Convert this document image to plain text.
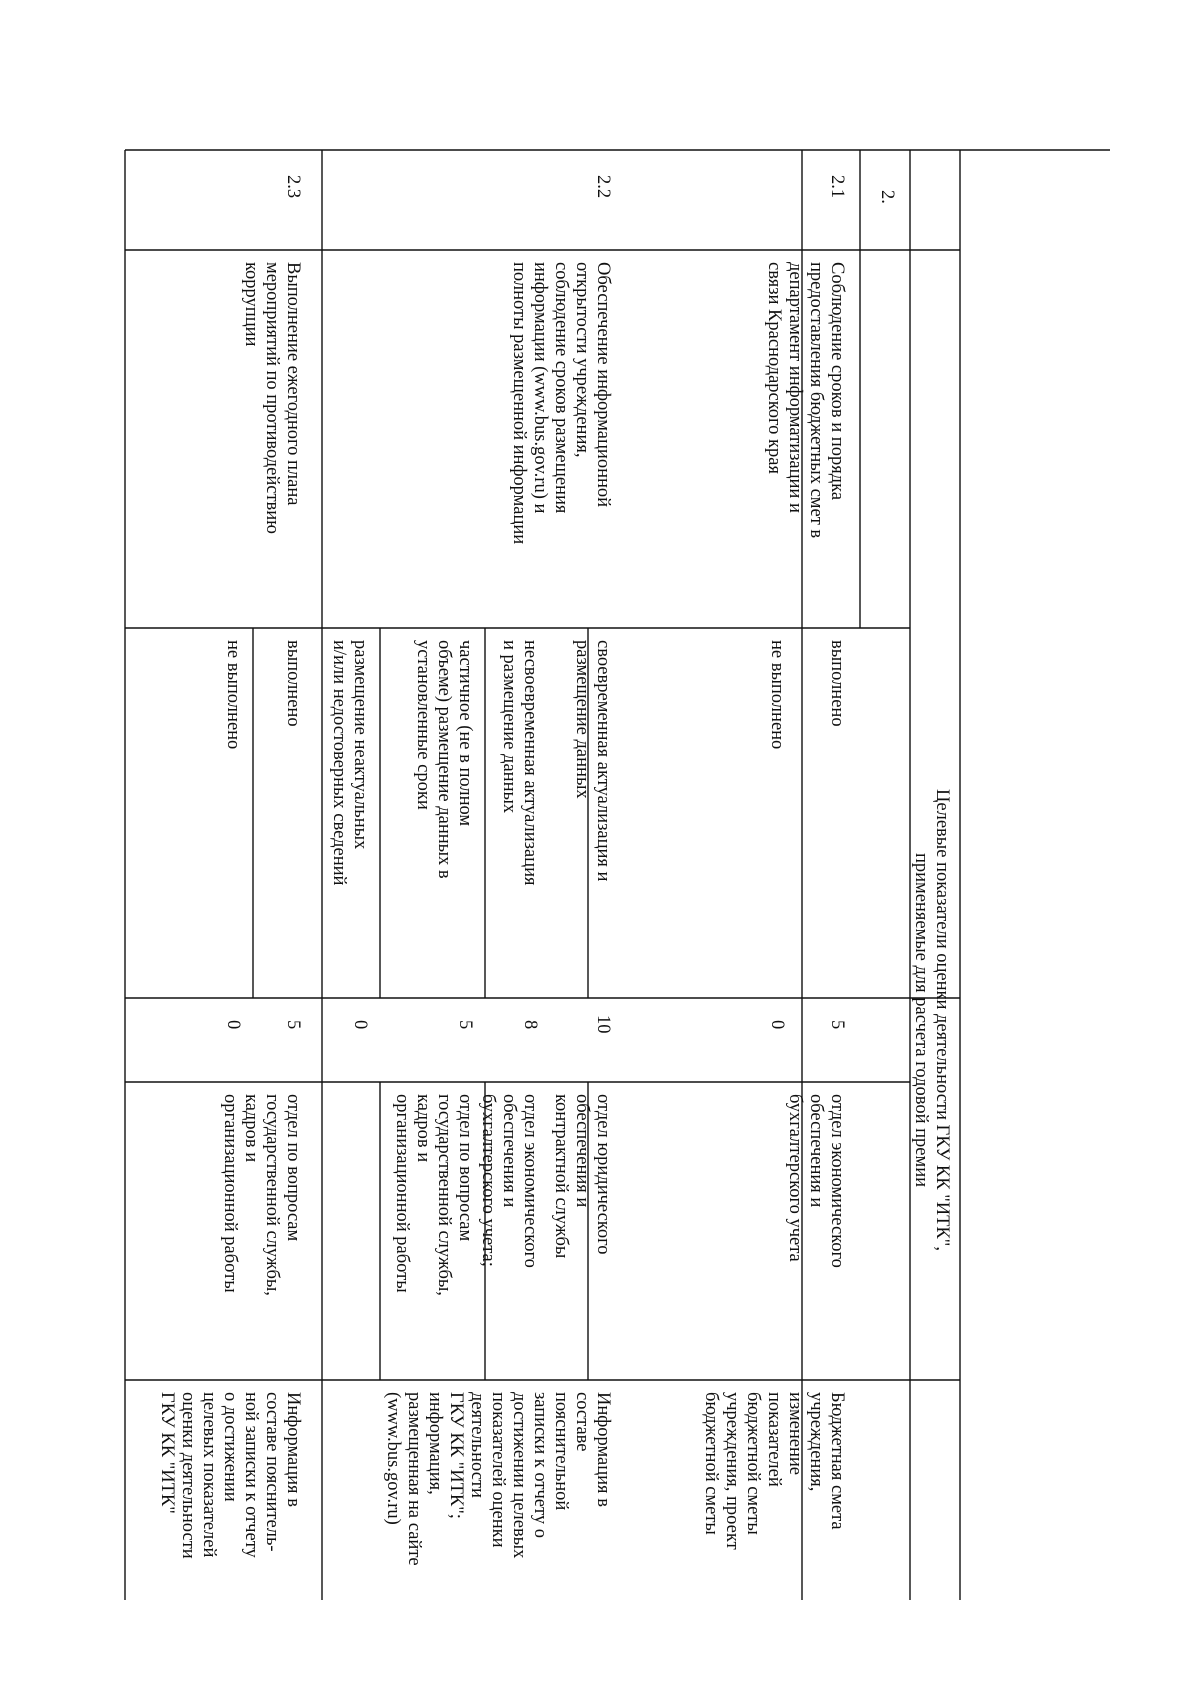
Целевые показатели оценки деятельности ГКУ КК "ИТК",
применяемые для расчета годовой премии
2.
2.1
Соблюдение сроков и порядка
предоставления бюджетных смет в
департамент информатизации и
связи Краснодарского края
выполнено
5
отдел экономического
обеспечения и
бухгалтерского учета
не выполнено
0
Бюджетная смета
учреждения,
изменение
показателей
бюджетной сметы
учреждения, проект
бюджетной сметы
2.2
Обеспечение информационной
открытости учреждения,
соблюдение сроков размещения
информации (www.bus.gov.ru) и
полноты размещенной информации
своевременная актуализация и
размещение данных
10
несвоевременная актуализация
и размещение данных
8
частичное (не в полном
объеме) размещение данных в
установленные сроки
5
размещение неактуальных
и/или недостоверных сведений
0
отдел юридического
обеспечения и
контрактной службы
отдел экономического
обеспечения и
бухгалтерского учета;
отдел по вопросам
государственной службы,
кадров и
организационной работы
Информация в
составе
пояснительной
записки к отчету о
достижении целевых
показателей оценки
деятельности
ГКУ КК "ИТК";
информация,
размещенная на сайте
(www.bus.gov.ru)
2.3
Выполнение ежегодного плана
мероприятий по противодействию
коррупции
выполнено
5
не выполнено
0
отдел по вопросам
государственной службы,
кадров и
организационной работы
Информация в
составе пояснитель-
ной записки к отчету
о достижении
целевых показателей
оценки деятельности
ГКУ КК "ИТК"
